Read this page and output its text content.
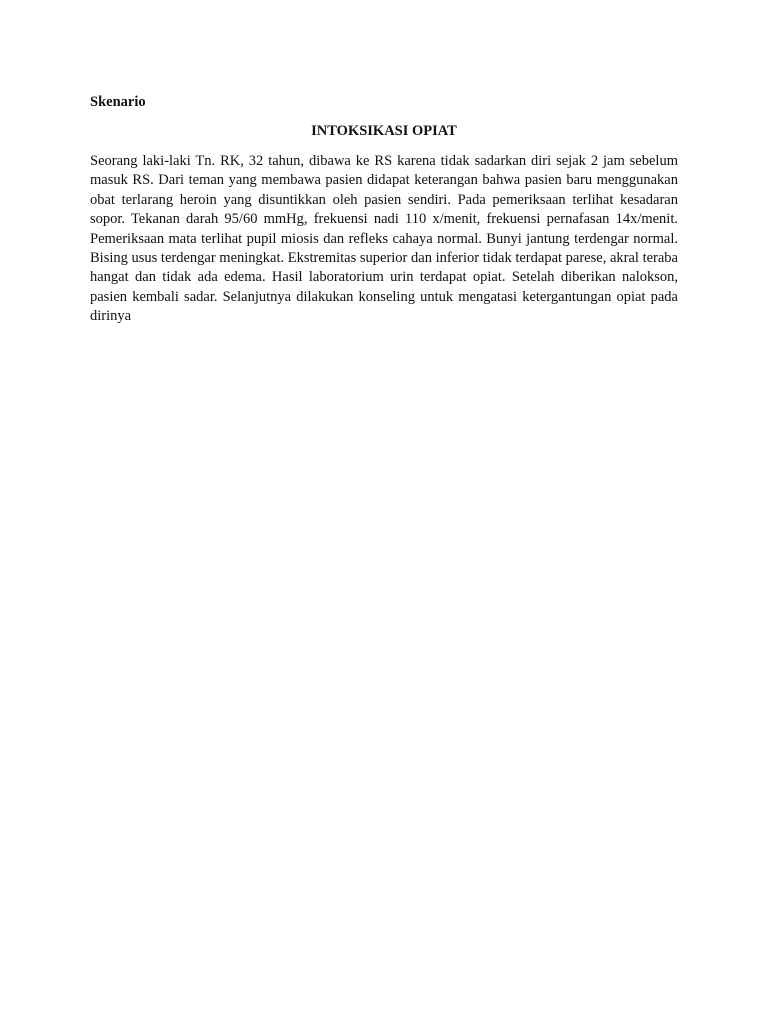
Skenario

INTOKSIKASI OPIAT

Seorang laki-laki Tn. RK, 32 tahun, dibawa ke RS karena tidak sadarkan diri sejak 2 jam sebelum masuk RS. Dari teman yang membawa pasien didapat keterangan bahwa pasien baru menggunakan obat terlarang heroin yang disuntikkan oleh pasien sendiri. Pada pemeriksaan terlihat kesadaran sopor. Tekanan darah 95/60 mmHg, frekuensi nadi 110 x/menit, frekuensi pernafasan 14x/menit. Pemeriksaan mata terlihat pupil miosis dan refleks cahaya normal. Bunyi jantung terdengar normal. Bising usus terdengar meningkat. Ekstremitas superior dan inferior tidak terdapat parese, akral teraba hangat dan tidak ada edema. Hasil laboratorium urin terdapat opiat. Setelah diberikan nalokson, pasien kembali sadar. Selanjutnya dilakukan konseling untuk mengatasi ketergantungan opiat pada dirinya
